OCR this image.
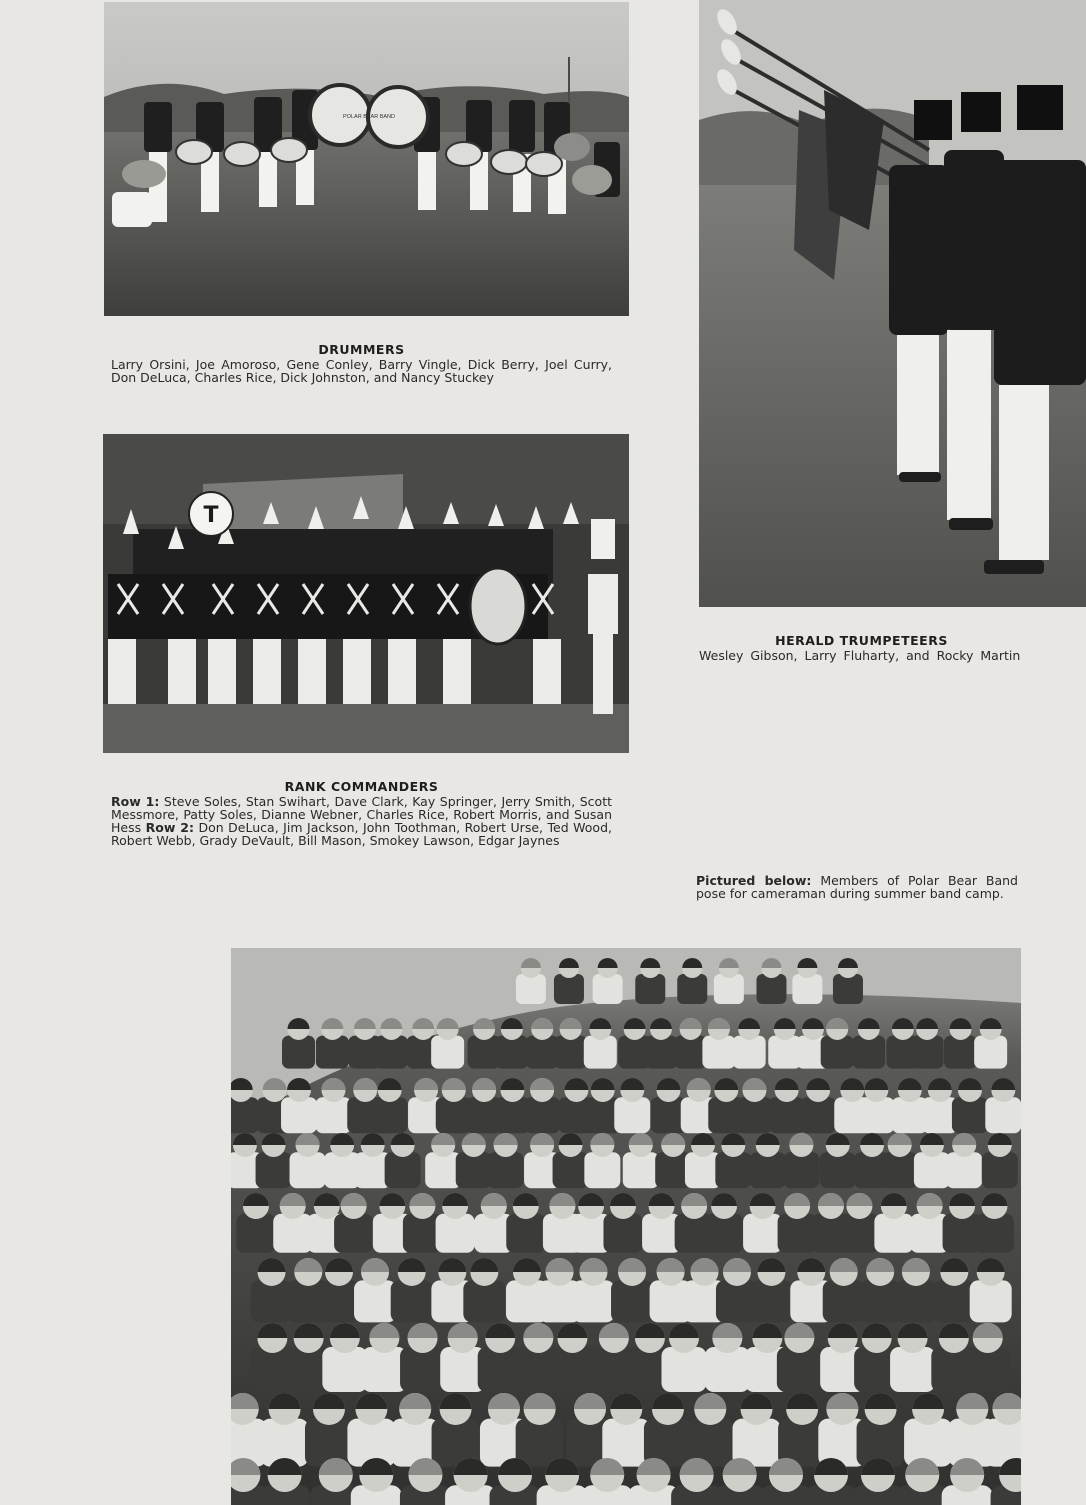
POLAR BEAR BAND
DRUMMERS
Larry Orsini, Joe Amoroso, Gene Conley, Barry Vingle, Dick Berry, Joel Curry, Don DeLuca, Charles Rice, Dick Johnston, and Nancy Stuckey
HERALD TRUMPETEERS
Wesley Gibson, Larry Fluharty, and Rocky Martin
T
RANK COMMANDERS
Row 1: Steve Soles, Stan Swihart, Dave Clark, Kay Springer, Jerry Smith, Scott Messmore, Patty Soles, Dianne Webner, Charles Rice, Robert Morris, and Susan Hess Row 2: Don DeLuca, Jim Jackson, John Toothman, Robert Urse, Ted Wood, Robert Webb, Grady DeVault, Bill Mason, Smokey Lawson, Edgar Jaynes
Pictured below: Members of Polar Bear Band pose for cameraman during summer band camp.
